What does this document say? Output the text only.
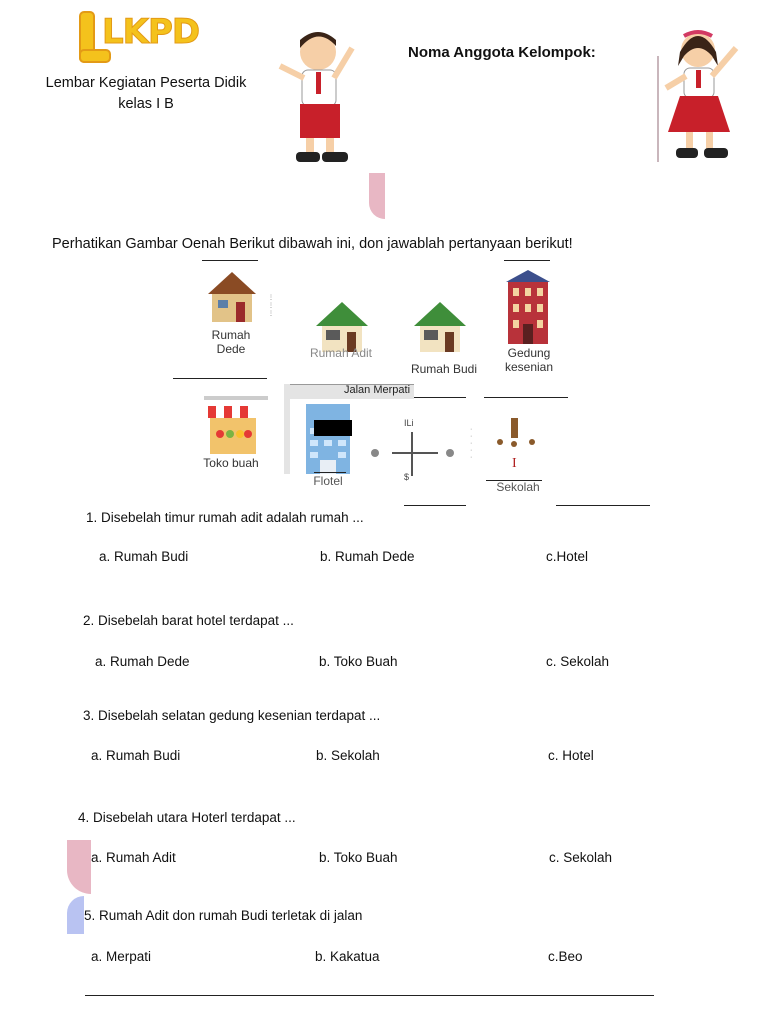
LKPD
Lembar Kegiatan Peserta Didik
kelas I B
Noma Anggota Kelompok:
Perhatikan Gambar Oenah Berikut dibawah ini, don jawablah pertanyaan berikut!
Rumah Dede
⋮
⋮
⋮
Rumah Adit
Rumah Budi
Gedung kesenian
Jalan Merpati
Toko buah
Flotel
ILi
$
·
·
·
·
·	I
Sekolah
1. Disebelah timur rumah adit adalah rumah ...
a. Rumah Budi	b. Rumah Dede	c.Hotel
2. Disebelah barat hotel terdapat ...
a. Rumah Dede	b. Toko Buah	c. Sekolah
3. Disebelah selatan gedung kesenian terdapat ...
a. Rumah Budi	b. Sekolah	c. Hotel
4. Disebelah utara Hoterl terdapat ...
a. Rumah Adit	b. Toko Buah	c. Sekolah
5. Rumah Adit don rumah Budi terletak di jalan
a. Merpati	b. Kakatua	c.Beo
